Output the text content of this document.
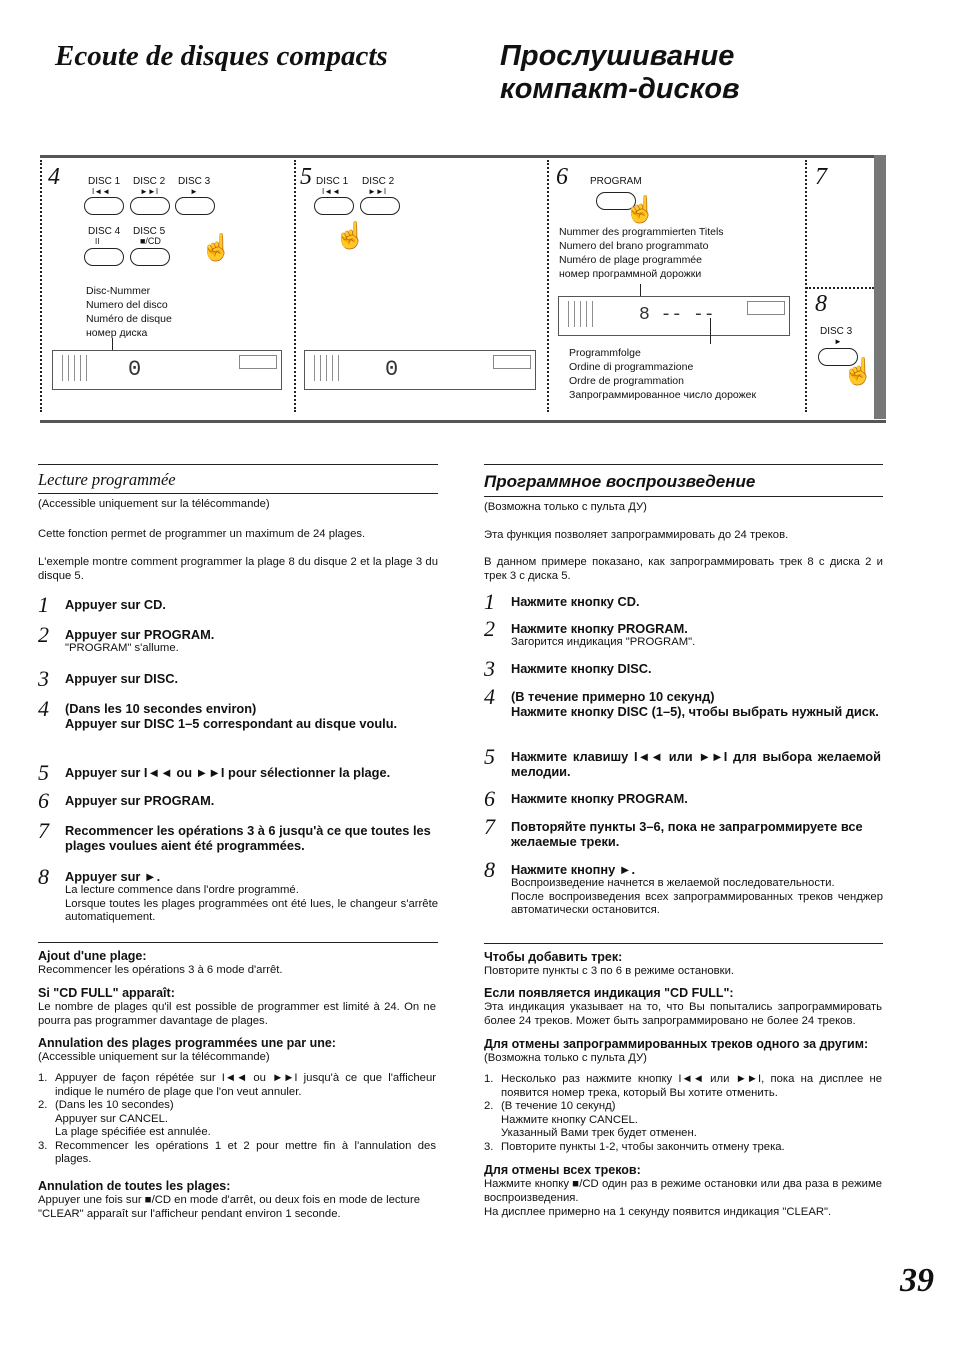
Ecoute de disques compacts	Прослушивание
компакт-дисков
4	DISC 1 DISC 2 DISC 3
I◄◄	►►I	►
DISC 4 DISC 5
II	■/CD ☝
Disc-Nummer
Numero del disco
Numéro de disque
номер диска
0
5 DISC 1 DISC 2
I◄◄	►►I
☝
0
6 PROGRAM
☝
Nummer des programmierten Titels
Numero del brano programmato
Numéro de plage programmée
номер программной дорожки
8 -- --
Programmfolge
Ordine di programmazione
Ordre de programmation
Запрограммированное число дорожек
7
8
DISC 3
►
☝
Lecture programmée
(Accessible uniquement sur la télécommande)
Cette fonction permet de programmer un maximum de 24 plages.
L'exemple montre comment programmer la plage 8 du disque 2 et la plage 3 du disque 5.
1 Appuyer sur CD.
2 Appuyer sur PROGRAM.
"PROGRAM" s'allume.
3 Appuyer sur DISC.
4 (Dans les 10 secondes environ)
Appuyer sur DISC 1–5 correspondant au disque voulu.
5 Appuyer sur I◄◄ ou ►►I pour sélectionner la plage.
6 Appuyer sur PROGRAM.
7 Recommencer les opérations 3 à 6 jusqu'à ce que toutes les plages voulues aient été programmées.
8 Appuyer sur ►.
La lecture commence dans l'ordre programmé.
Lorsque toutes les plages programmées ont été lues, le changeur s'arrête automatiquement.
Ajout d'une plage:
Recommencer les opérations 3 à 6 mode d'arrêt.
Si "CD FULL" apparaît:
Le nombre de plages qu'il est possible de programmer est limité à 24. On ne pourra pas programmer davantage de plages.
Annulation des plages programmées une par une:
(Accessible uniquement sur la télécommande)
1. Appuyer de façon répétée sur I◄◄ ou ►►I jusqu'à ce que l'afficheur indique le numéro de plage que l'on veut annuler.
2. (Dans les 10 secondes)
Appuyer sur CANCEL.
La plage spécifiée est annulée.
3. Recommencer les opérations 1 et 2 pour mettre fin à l'annulation des plages.
Annulation de toutes les plages:
Appuyer une fois sur ■/CD en mode d'arrêt, ou deux fois en mode de lecture
"CLEAR" apparaît sur l'afficheur pendant environ 1 seconde.
Программное воспроизведение
(Возможна только с пульта ДУ)
Эта функция позволяет запрограммировать до 24 треков.
В данном примере показано, как запрограммировать трек 8 с диска 2 и трек 3 с диска 5.
1 Нажмите кнопку CD.
2 Нажмите кнопку PROGRAM.
Загорится индикация "PROGRAM".
3 Нажмите кнопку DISC.
4 (В течение примерно 10 секунд)
Нажмите кнопку DISC (1–5), чтобы выбрать нужный диск.
5 Нажмите клавишу I◄◄ или ►►I для выбора желаемой мелодии.
6 Нажмите кнопку PROGRAM.
7 Повторяйте пункты 3–6, пока не запрагроммируете все желаемые треки.
8 Нажмите кнопну ►.
Воспроизведение начнется в желаемой последовательности.
После воспроизведения всех запрограммированных треков ченджер автоматически остановится.
Чтобы добавить трек:
Повторите пункты с 3 по 6 в режиме остановки.
Если появляется индикация "CD FULL":
Эта индикация указывает на то, что Вы попытались запрограммировать более 24 треков. Может быть запрограммировано не более 24 треков.
Для отмены запрограммированных треков одного за другим:
(Возможна только с пульта ДУ)
1. Несколько раз нажмите кнопку I◄◄ или ►►I, пока на дисплее не появится номер трека, который Вы хотите отменить.
2. (В течение 10 секунд)
Нажмите кнопку CANCEL.
Указанный Вами трек будет отменен.
3. Повторите пункты 1-2, чтобы закончить отмену трека.
Для отмены всех треков:
Нажмите кнопку ■/CD один раз в режиме остановки или два раза в режиме воспроизведения.
На дисплее примерно на 1 секунду появится индикация "CLEAR".
39
